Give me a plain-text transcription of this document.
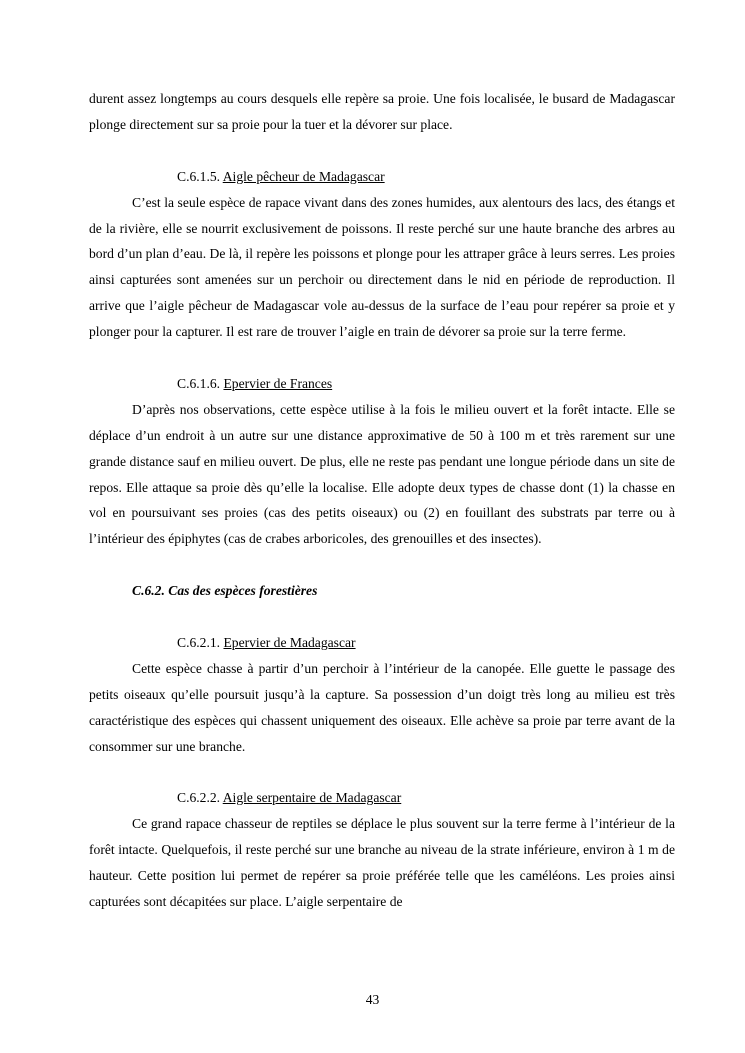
durent assez longtemps au cours desquels elle repère sa proie. Une fois localisée, le busard de Madagascar plonge directement sur sa proie pour la tuer et la dévorer sur place.

C.6.1.5. Aigle pêcheur de Madagascar

C’est la seule espèce de rapace vivant dans des zones humides, aux alentours des lacs, des étangs et de la rivière, elle se nourrit exclusivement de poissons. Il reste perché sur une haute branche des arbres au bord d’un plan d’eau. De là, il repère les poissons et plonge pour les attraper grâce à leurs serres. Les proies ainsi capturées sont amenées sur un perchoir ou directement dans le nid en période de reproduction. Il arrive que l’aigle pêcheur de Madagascar vole au-dessus de la surface de l’eau pour repérer sa proie et y plonger pour la capturer. Il est rare de trouver l’aigle en train de dévorer sa proie sur la terre ferme.

C.6.1.6. Epervier de Frances

D’après nos observations, cette espèce utilise à la fois le milieu ouvert et la forêt intacte. Elle se déplace d’un endroit à un autre sur une distance approximative de 50 à 100 m et très rarement sur une grande distance sauf en milieu ouvert. De plus, elle ne reste pas pendant une longue période dans un site de repos. Elle attaque sa proie dès qu’elle la localise. Elle adopte deux types de chasse dont (1) la chasse en vol en poursuivant ses proies (cas des petits oiseaux) ou (2) en fouillant des substrats par terre ou à l’intérieur des épiphytes (cas de crabes arboricoles, des grenouilles et des insectes).

C.6.2. Cas des espèces forestières
C.6.2.1. Epervier de Madagascar

Cette espèce chasse à partir d’un perchoir à l’intérieur de la canopée. Elle guette le passage des petits oiseaux qu’elle poursuit jusqu’à la capture. Sa possession d’un doigt très long au milieu est très caractéristique des espèces qui chassent uniquement des oiseaux. Elle achève sa proie par terre avant de la consommer sur une branche.

C.6.2.2. Aigle serpentaire de Madagascar

Ce grand rapace chasseur de reptiles se déplace le plus souvent sur la terre ferme à l’intérieur de la forêt intacte. Quelquefois, il reste perché sur une branche au niveau de la strate inférieure, environ à 1 m de hauteur. Cette position lui permet de repérer sa proie préférée telle que les caméléons. Les proies ainsi capturées sont décapitées sur place. L’aigle serpentaire de

43
